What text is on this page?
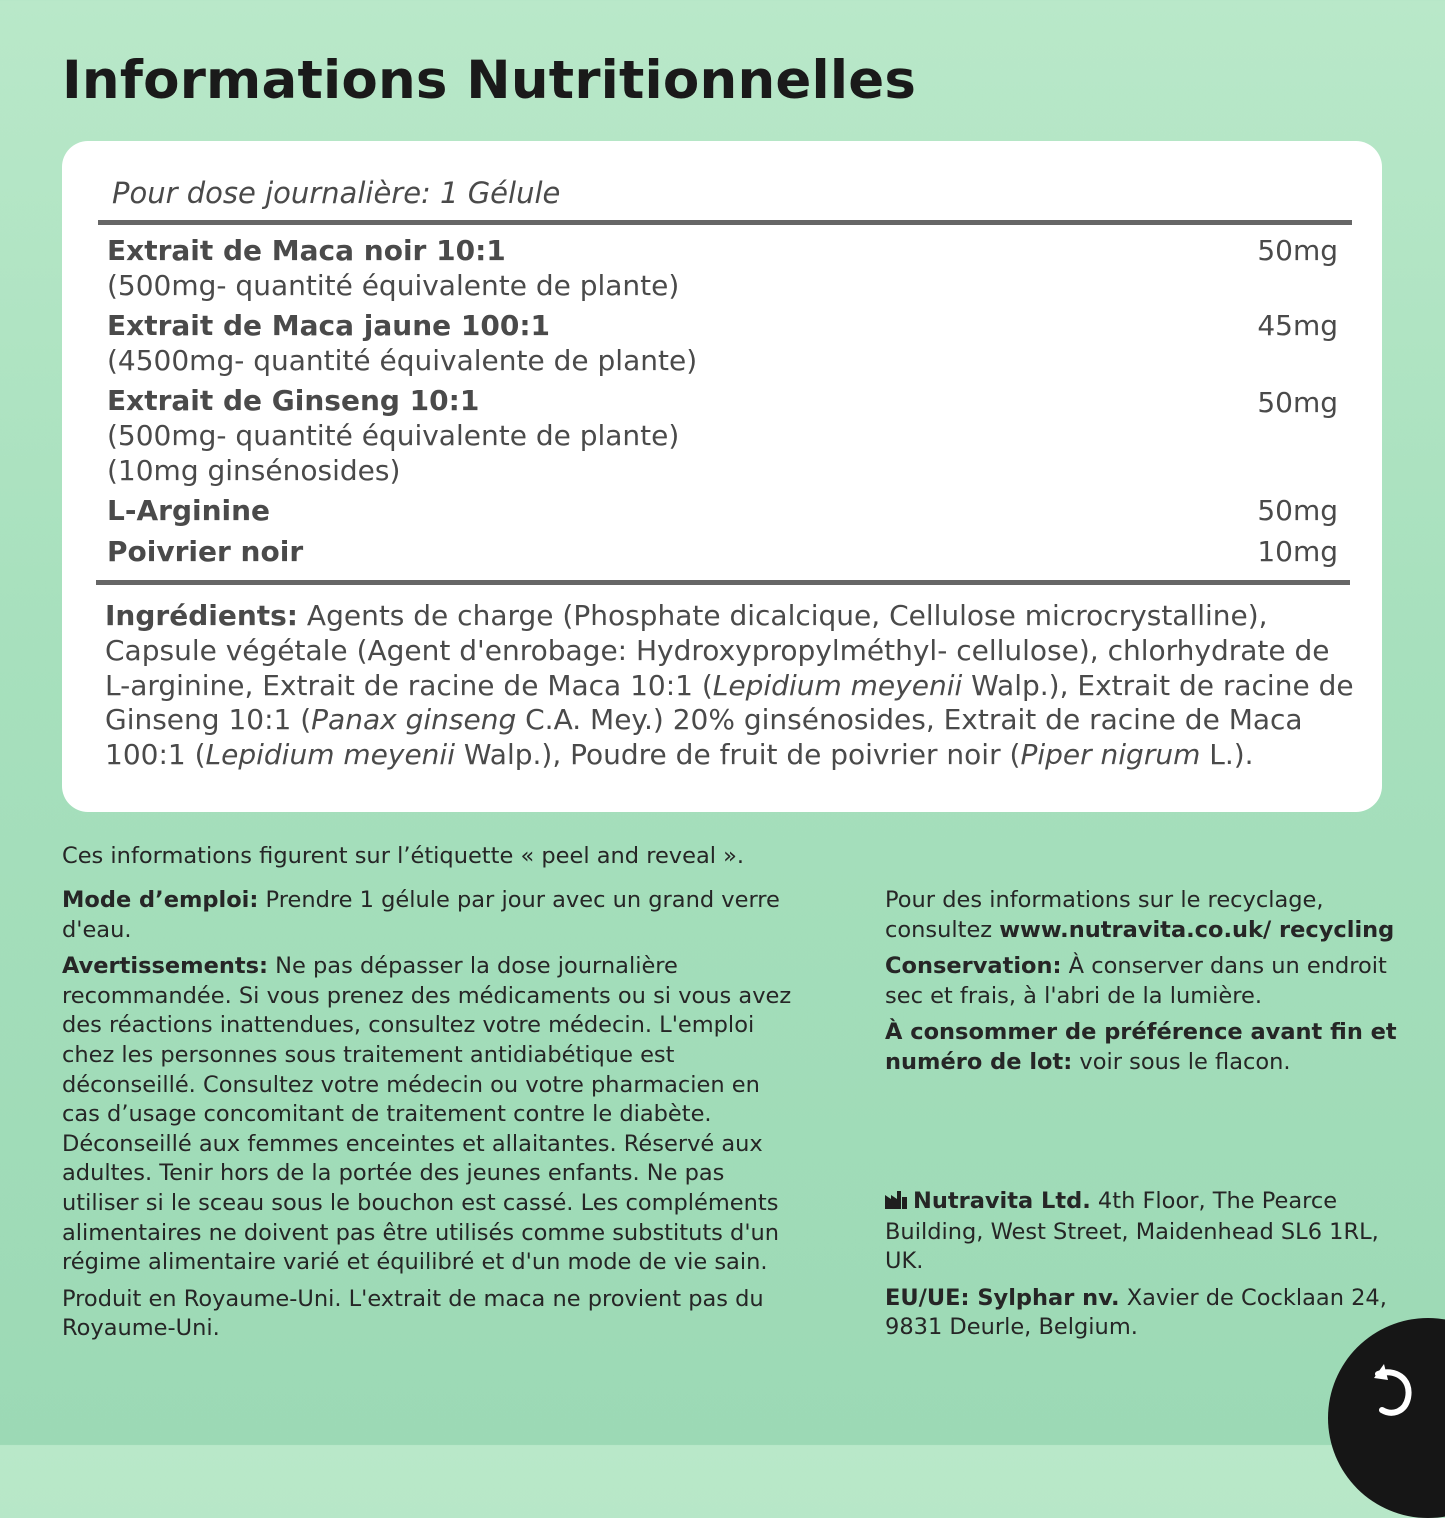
Informations Nutritionnelles
Pour dose journalière: 1 Gélule
Extrait de Maca noir 10:1
(500mg- quantité équivalente de plante)
50mg
Extrait de Maca jaune 100:1
(4500mg- quantité équivalente de plante)
45mg
Extrait de Ginseng 10:1
(500mg- quantité équivalente de plante)
(10mg ginsénosides)
50mg
L-Arginine	50mg
Poivrier noir	10mg
Ingrédients: Agents de charge (Phosphate dicalcique, Cellulose microcrystalline), Capsule végétale (Agent d'enrobage: Hydroxypropylméthyl- cellulose), chlorhydrate de L-arginine, Extrait de racine de Maca 10:1 (Lepidium meyenii Walp.), Extrait de racine de Ginseng 10:1 (Panax ginseng C.A. Mey.) 20% ginsénosides, Extrait de racine de Maca 100:1 (Lepidium meyenii Walp.), Poudre de fruit de poivrier noir (Piper nigrum L.).
Ces informations figurent sur l’étiquette « peel and reveal ».

Mode d’emploi: Prendre 1 gélule par jour avec un grand verre d'eau.

Avertissements: Ne pas dépasser la dose journalière recommandée. Si vous prenez des médicaments ou si vous avez des réactions inattendues, consultez votre médecin. L'emploi chez les personnes sous traitement antidiabétique est déconseillé. Consultez votre médecin ou votre pharmacien en cas d’usage concomitant de traitement contre le diabète. Déconseillé aux femmes enceintes et allaitantes. Réservé aux adultes. Tenir hors de la portée des jeunes enfants. Ne pas utiliser si le sceau sous le bouchon est cassé. Les compléments alimentaires ne doivent pas être utilisés comme substituts d'un régime alimentaire varié et équilibré et d'un mode de vie sain.

Produit en Royaume-Uni. L'extrait de maca ne provient pas du Royaume-Uni.

Pour des informations sur le recyclage, consultez www.nutravita.co.uk/ recycling

Conservation: À conserver dans un endroit sec et frais, à l'abri de la lumière.

À consommer de préférence avant fin et numéro de lot: voir sous le flacon.

Nutravita Ltd. 4th Floor, The Pearce Building, West Street, Maidenhead SL6 1RL, UK.

EU/UE: Sylphar nv. Xavier de Cocklaan 24, 9831 Deurle, Belgium.
